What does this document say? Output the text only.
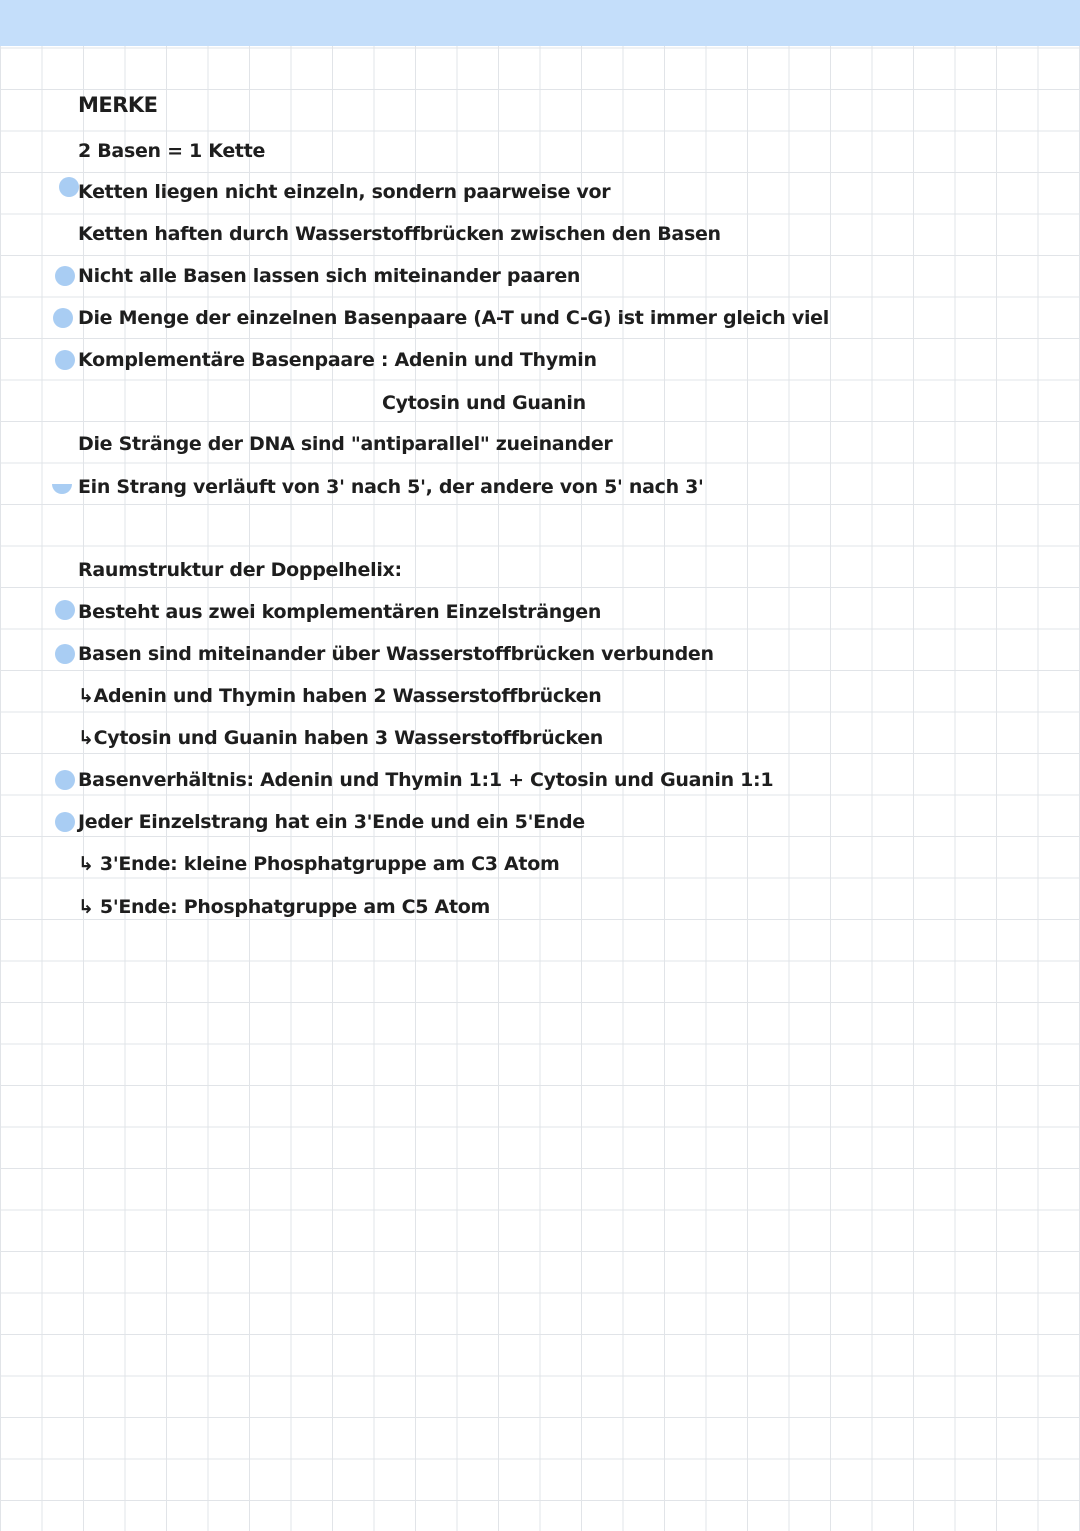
MERKE
2 Basen = 1 Kette
Ketten liegen nicht einzeln, sondern paarweise vor
Ketten haften durch Wasserstoffbrücken zwischen den Basen
Nicht alle Basen lassen sich miteinander paaren
Die Menge der einzelnen Basenpaare (A-T und C-G) ist immer gleich viel
Komplementäre Basenpaare : Adenin und Thymin
Cytosin und Guanin
Die Stränge der DNA sind "antiparallel" zueinander
Ein Strang verläuft von 3' nach 5', der andere von 5' nach 3'
Raumstruktur der Doppelhelix:
Besteht aus zwei komplementären Einzelsträngen
Basen sind miteinander über Wasserstoffbrücken verbunden
↳Adenin und Thymin haben 2 Wasserstoffbrücken
↳Cytosin und Guanin haben 3 Wasserstoffbrücken
Basenverhältnis: Adenin und Thymin 1:1 + Cytosin und Guanin 1:1
Jeder Einzelstrang hat ein 3'Ende und ein 5'Ende
↳ 3'Ende: kleine Phosphatgruppe am C3 Atom
↳ 5'Ende: Phosphatgruppe am C5 Atom
